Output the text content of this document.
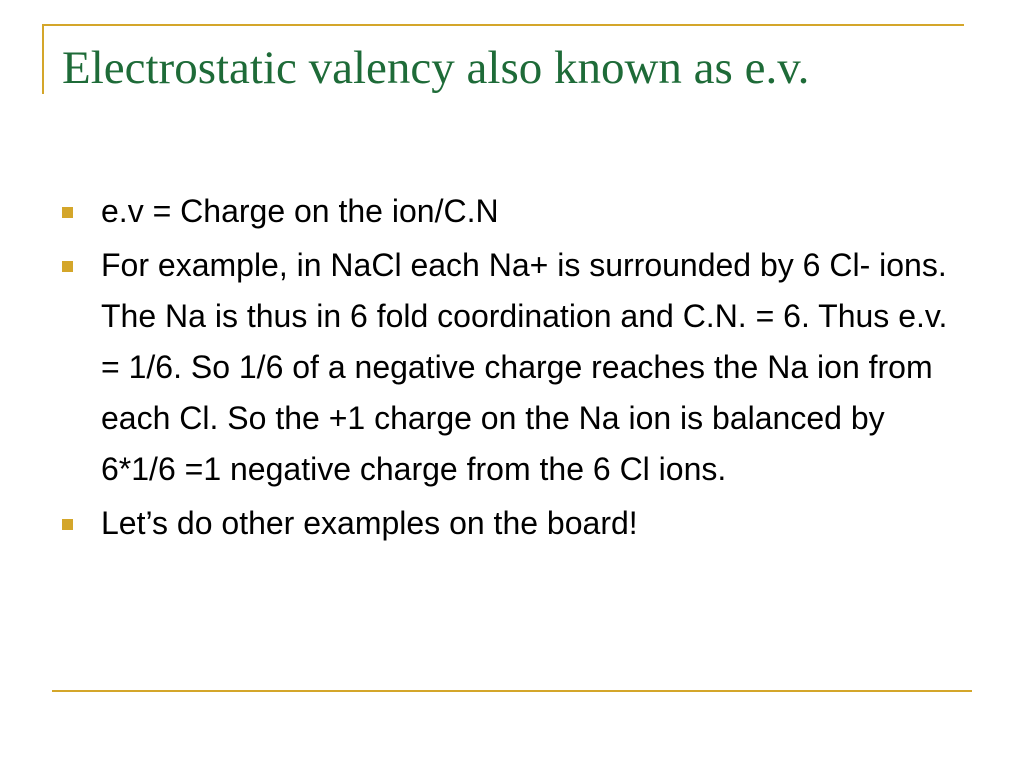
Electrostatic valency also known as e.v.
e.v = Charge on the ion/C.N
For example, in NaCl each Na+ is surrounded by 6 Cl- ions. The Na is thus in 6 fold coordination and C.N. = 6. Thus e.v. = 1/6. So 1/6 of a negative charge reaches the Na ion from each Cl. So the +1 charge on the Na ion is balanced by 6*1/6 =1 negative charge from the 6 Cl ions.
Let’s do other examples on the board!
